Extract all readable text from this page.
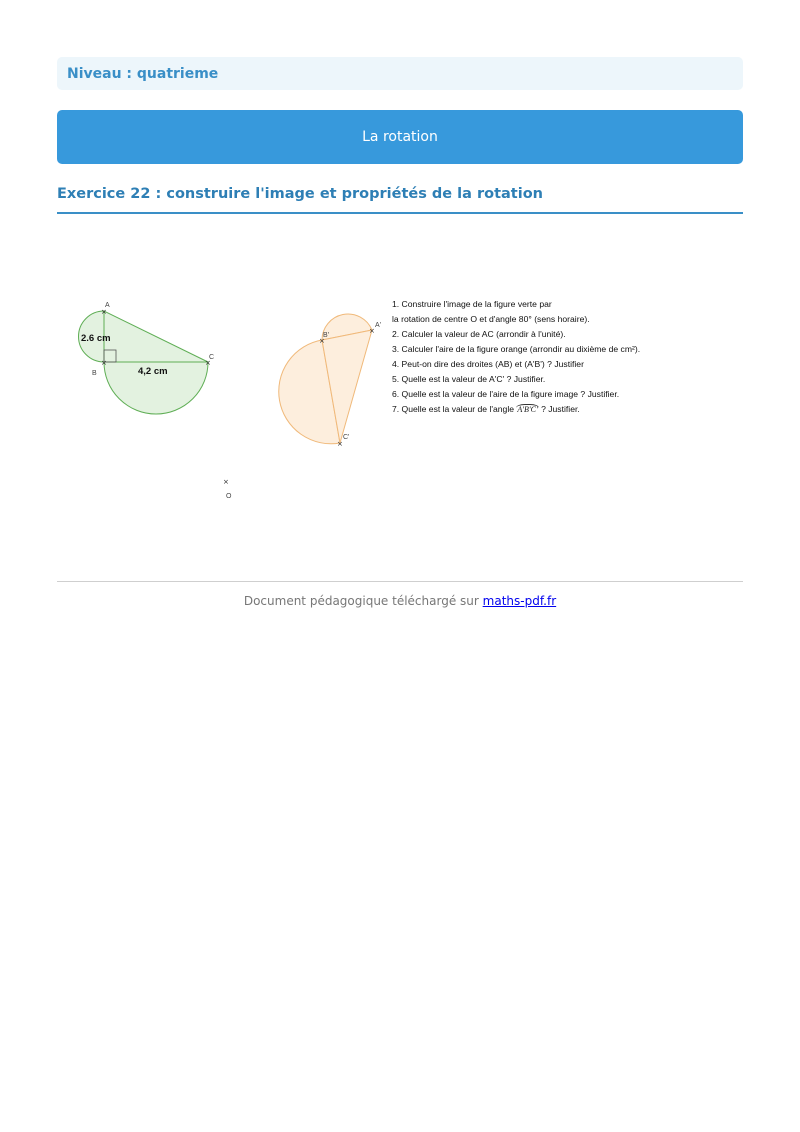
Niveau : quatrieme
La rotation
Exercice 22 : construire l'image et propriétés de la rotation
×
×	×
A
B
C
2.6 cm
4,2 cm
×
×
×
A'
B'
C'
×
O
1. Construire l'image de la figure verte par
la rotation de centre O et d'angle 80° (sens horaire).
2. Calculer la valeur de AC (arrondir à l'unité).
3. Calculer l'aire de la figure orange (arrondir au dixième de cm²).
4. Peut-on dire des droites (AB) et (A'B') ? Justifier
5. Quelle est la valeur de A'C' ? Justifier.
6. Quelle est la valeur de l'aire de la figure image ? Justifier.
7. Quelle est la valeur de l'angle A'B'C' ? Justifier.
Document pédagogique téléchargé sur maths-pdf.fr
